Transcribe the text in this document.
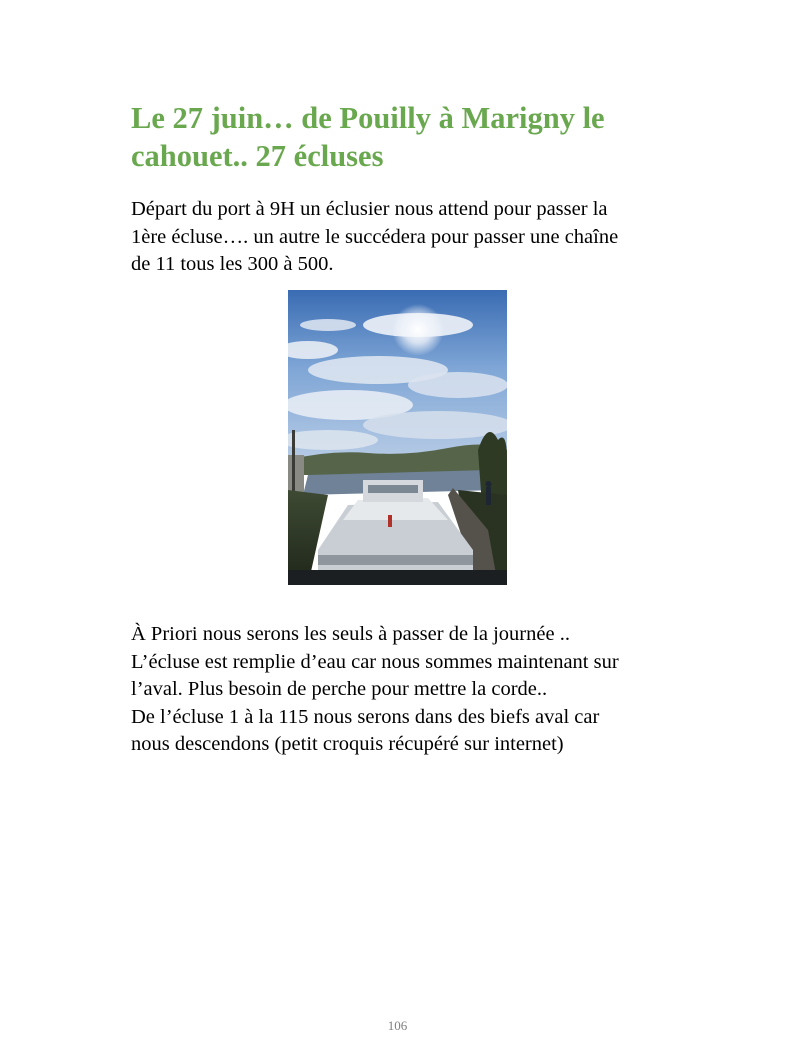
Le 27 juin… de Pouilly à Marigny le
cahouet.. 27 écluses

Départ du port à 9H un éclusier nous attend pour passer la
1ère écluse…. un autre le succédera pour passer une chaîne
de 11 tous les 300 à 500.

À Priori nous serons les seuls à passer de la journée ..
L’écluse est remplie d’eau car nous sommes maintenant sur
l’aval. Plus besoin de perche pour mettre la corde..
De l’écluse 1 à la 115 nous serons dans des biefs aval car
nous descendons (petit croquis récupéré sur internet)

106
